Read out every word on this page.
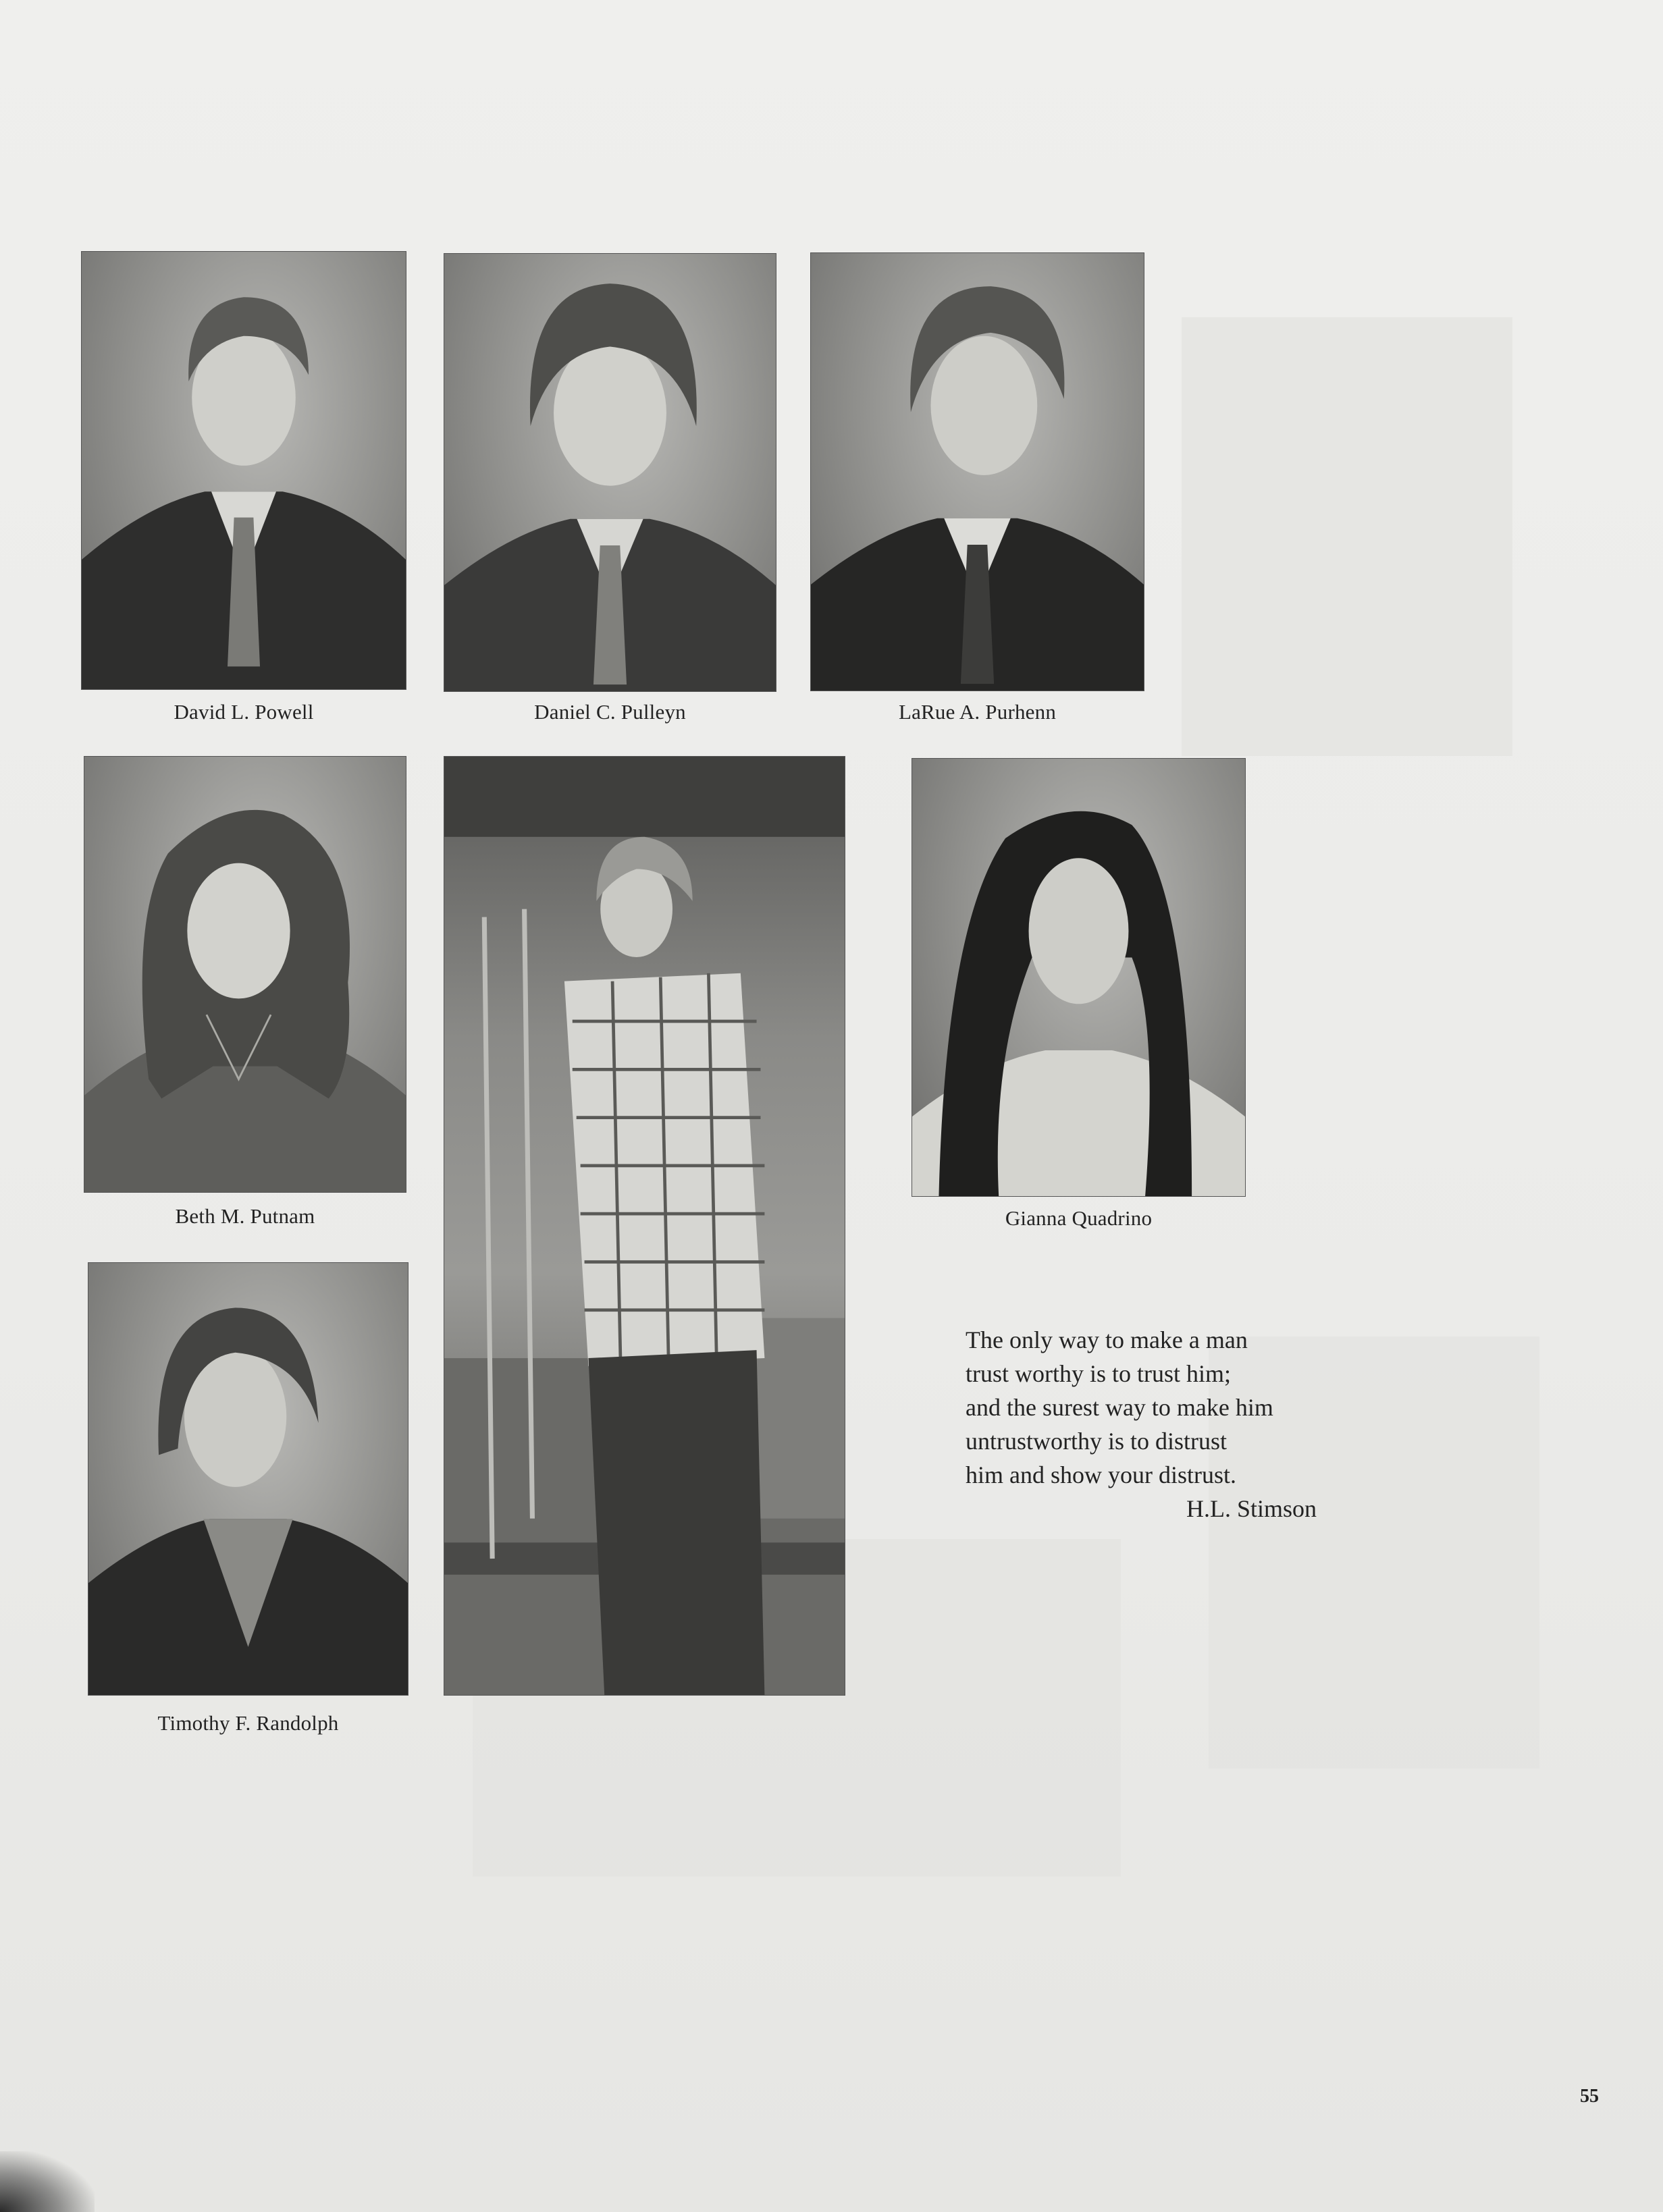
David L. Powell	Daniel C. Pulleyn	LaRue A. Purhenn
Beth M. Putnam	Gianna Quadrino
Timothy F. Randolph
The only way to make a man
trust worthy is to trust him;
and the surest way to make him
untrustworthy is to distrust
him and show your distrust.
H.L. Stimson
55
